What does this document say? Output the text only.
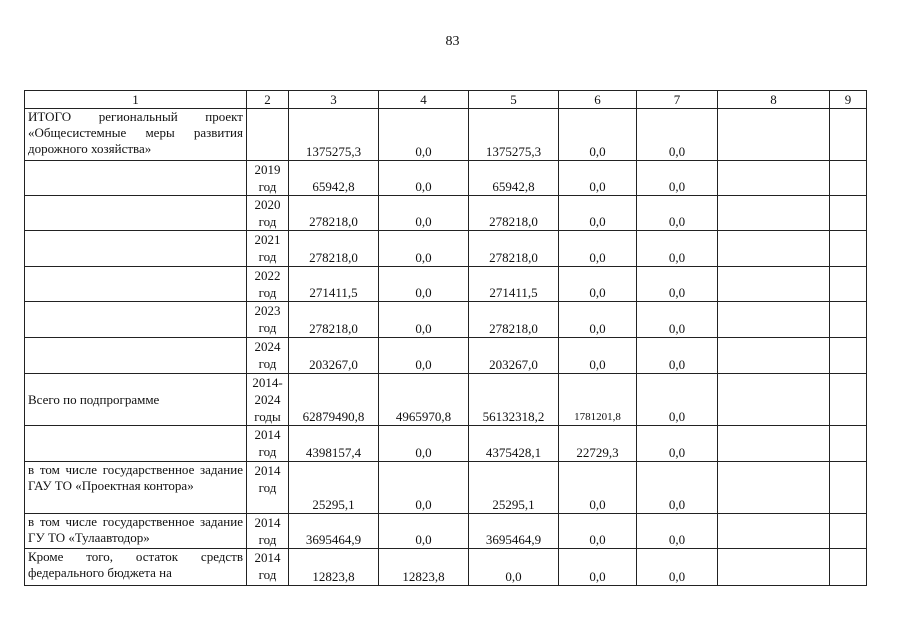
83
1	2	3	4	5	6	7	8	9
ИТОГО региональный проект «Общесистемные меры развития дорожного хозяйства»		1375275,3	0,0	1375275,3	0,0	0,0		
	2019 год	65942,8	0,0	65942,8	0,0	0,0		
	2020 год	278218,0	0,0	278218,0	0,0	0,0		
	2021 год	278218,0	0,0	278218,0	0,0	0,0		
	2022 год	271411,5	0,0	271411,5	0,0	0,0		
	2023 год	278218,0	0,0	278218,0	0,0	0,0		
	2024 год	203267,0	0,0	203267,0	0,0	0,0		
Всего по подпрограмме	2014- 2024 годы	62879490,8	4965970,8	56132318,2	1781201,8	0,0		
	2014 год	4398157,4	0,0	4375428,1	22729,3	0,0		
в том числе государственное задание ГАУ ТО «Проектная контора»	2014 год	25295,1	0,0	25295,1	0,0	0,0		
в том числе государственное задание ГУ ТО «Тулаавтодор»	2014 год	3695464,9	0,0	3695464,9	0,0	0,0		
Кроме того, остаток средств федерального бюджета на	2014 год	12823,8	12823,8	0,0	0,0	0,0		
